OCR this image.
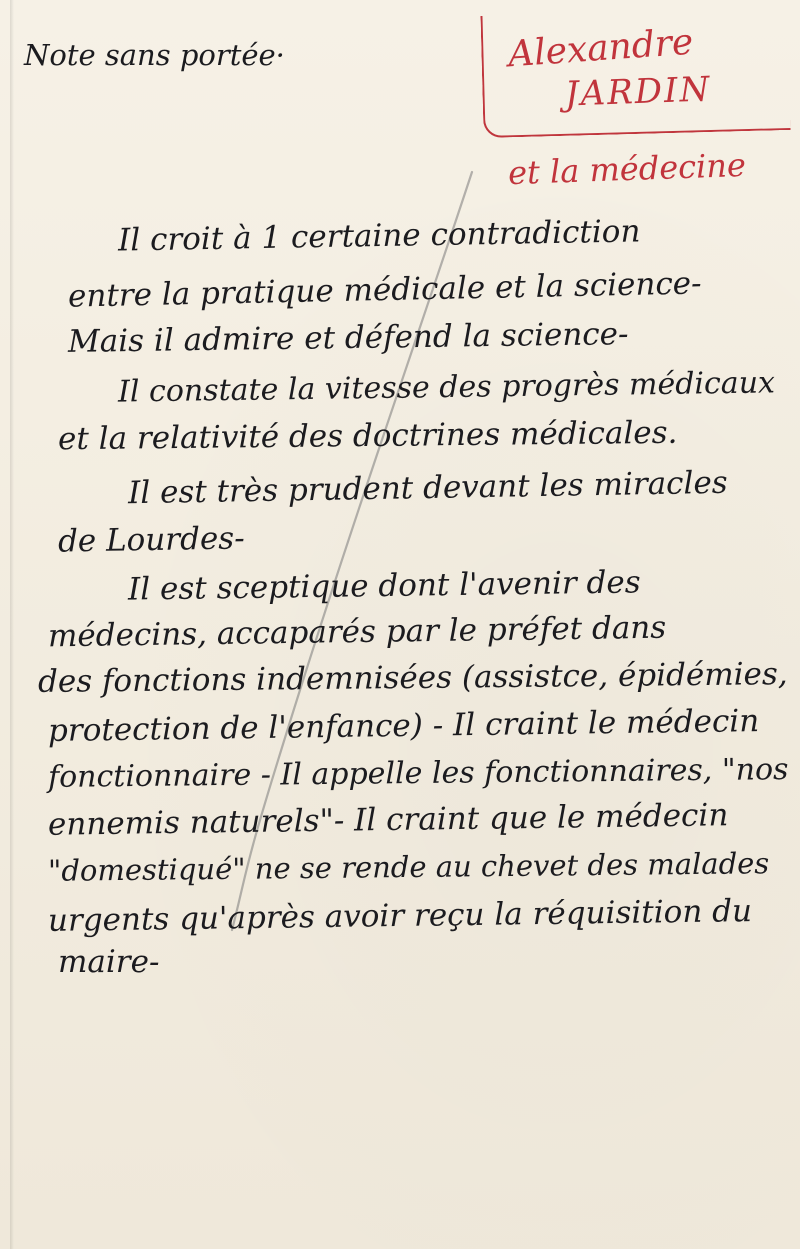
Note sans portée·	Alexandre
JARDIN
et la médecine
Il croit à 1 certaine contradiction
entre la pratique médicale et la science-
Mais il admire et défend la science-
Il constate la vitesse des progrès médicaux
et la relativité des doctrines médicales.
Il est très prudent devant les miracles
de Lourdes-
Il est sceptique dont l'avenir des
médecins, accaparés par le préfet dans
des fonctions indemnisées (assistce, épidémies,
protection de l'enfance) - Il craint le médecin
fonctionnaire - Il appelle les fonctionnaires, "nos
ennemis naturels"- Il craint que le médecin
"domestiqué" ne se rende au chevet des malades
urgents qu'après avoir reçu la réquisition du
maire-
